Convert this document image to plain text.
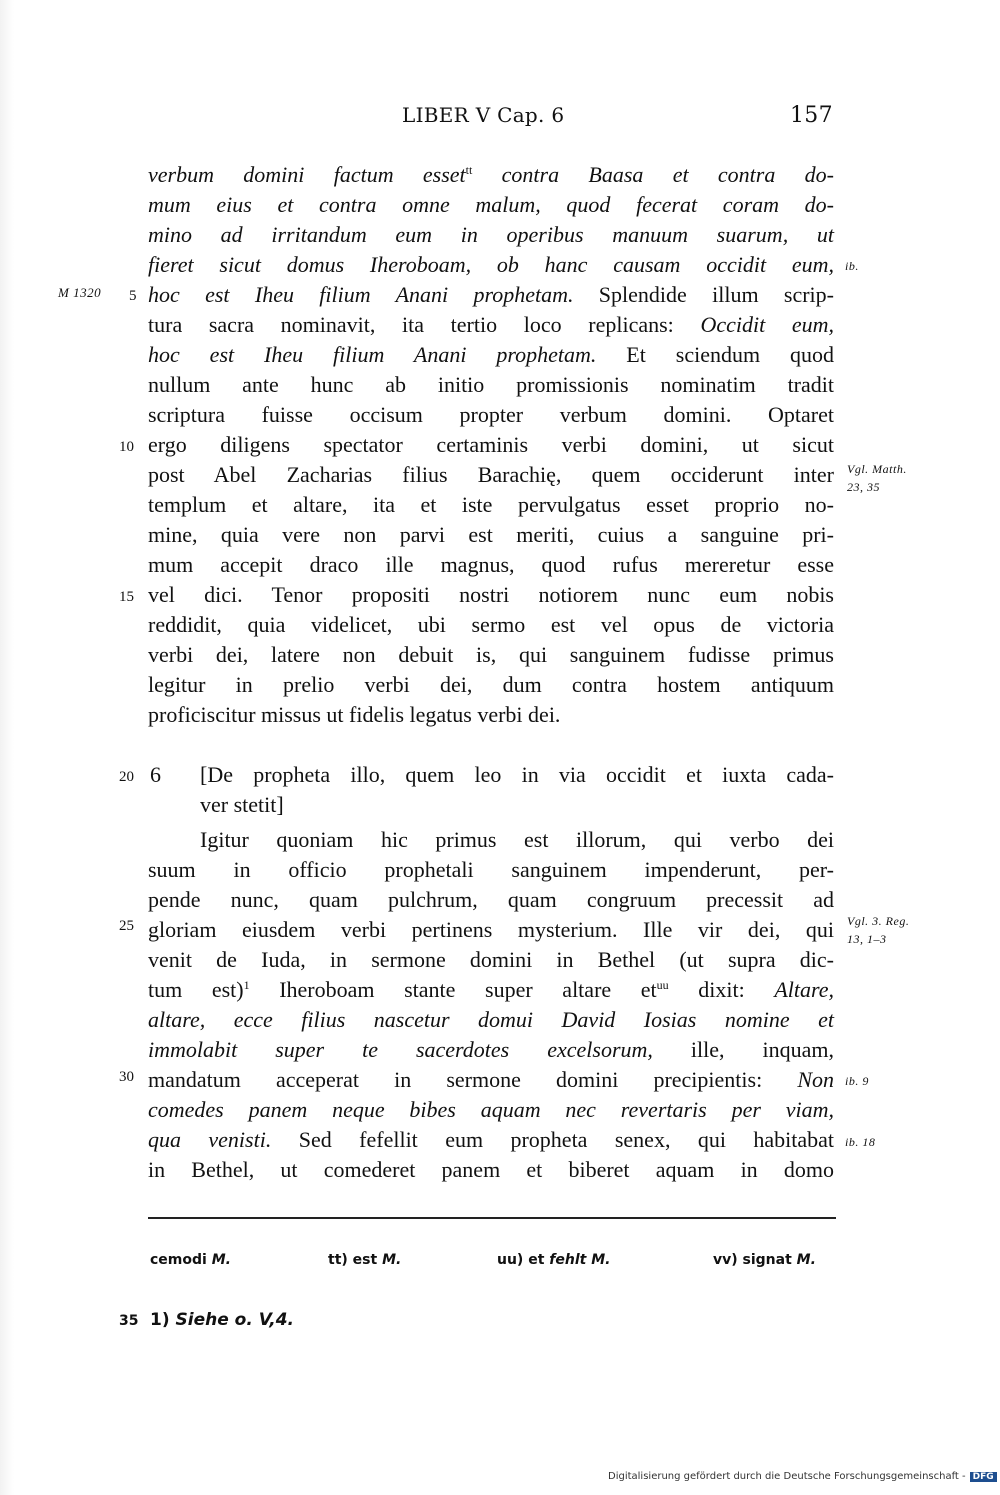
LIBER V Cap. 6	157
M 1320 5
10
15
20
25
30
ib.
Vgl. Matth.
23, 35
Vgl. 3. Reg.
13, 1–3
ib. 9
ib. 18
verbum domini factum esset$^{tt}$ contra Baasa et contra do-
mum eius et contra omne malum, quod fecerat coram do-
mino ad irritandum eum in operibus manuum suarum, ut
fieret sicut domus Iheroboam, ob hanc causam occidit eum,
hoc est Iheu filium Anani prophetam. Splendide illum scrip-
tura sacra nominavit, ita tertio loco replicans: Occidit eum,
hoc est Iheu filium Anani prophetam. Et sciendum quod
nullum ante hunc ab initio promissionis nominatim tradit
scriptura fuisse occisum propter verbum domini. Optaret
ergo diligens spectator certaminis verbi domini, ut sicut
post Abel Zacharias filius Barachię, quem occiderunt inter
templum et altare, ita et iste pervulgatus esset proprio no-
mine, quia vere non parvi est meriti, cuius a sanguine pri-
mum accepit draco ille magnus, quod rufus mereretur esse
vel dici. Tenor propositi nostri notiorem nunc eum nobis
reddidit, quia videlicet, ubi sermo est vel opus de victoria
verbi dei, latere non debuit is, qui sanguinem fudisse primus
legitur in prelio verbi dei, dum contra hostem antiquum
proficiscitur missus ut fidelis legatus verbi dei.
6 [De propheta illo, quem leo in via occidit et iuxta cada-
ver stetit]
Igitur quoniam hic primus est illorum, qui verbo dei
suum in officio prophetali sanguinem impenderunt, per-
pende nunc, quam pulchrum, quam congruum precessit ad
gloriam eiusdem verbi pertinens mysterium. Ille vir dei, qui
venit de Iuda, in sermone domini in Bethel (ut supra dic-
tum est)$^1$ Iheroboam stante super altare $et^{uu}$ dixit: Altare,
altare, ecce filius nascetur domui David Iosias nomine et
immolabit super te sacerdotes excelsorum, ille, inquam,
mandatum acceperat in sermone domini precipientis: Non
comedes panem neque bibes aquam nec revertaris per viam,
qua venisti. Sed fefellit eum propheta senex, qui habitabat
in Bethel, ut comederet panem et biberet aquam in domo
cemodi M.	tt) est M.	uu) et fehlt M.	vv) signat M.
35 1) Siehe o. V,4.
Digitalisierung gefördert durch die Deutsche Forschungsgemeinschaft - DFG
